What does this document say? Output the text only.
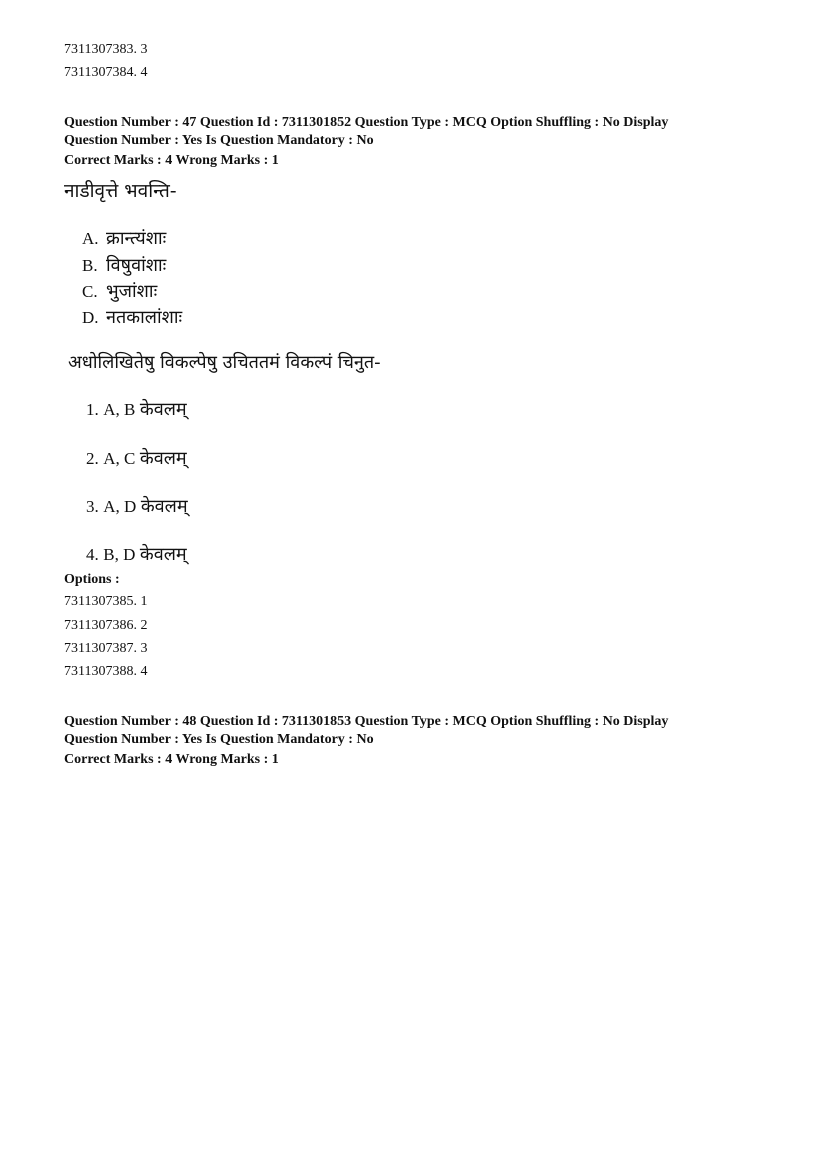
7311307383. 3
7311307384. 4
Question Number : 47 Question Id : 7311301852 Question Type : MCQ Option Shuffling : No Display
Question Number : Yes Is Question Mandatory : No
Correct Marks : 4 Wrong Marks : 1
नाडीवृत्ते भवन्ति-
A. क्रान्त्यंशाः
B. विषुवांशाः
C. भुजांशाः
D. नतकालांशाः
अधोलिखितेषु विकल्पेषु उचिततमं विकल्पं चिनुत-
1. A, B केवलम्
2. A, C केवलम्
3. A, D केवलम्
4. B, D केवलम्
Options :
7311307385. 1
7311307386. 2
7311307387. 3
7311307388. 4
Question Number : 48 Question Id : 7311301853 Question Type : MCQ Option Shuffling : No Display
Question Number : Yes Is Question Mandatory : No
Correct Marks : 4 Wrong Marks : 1
